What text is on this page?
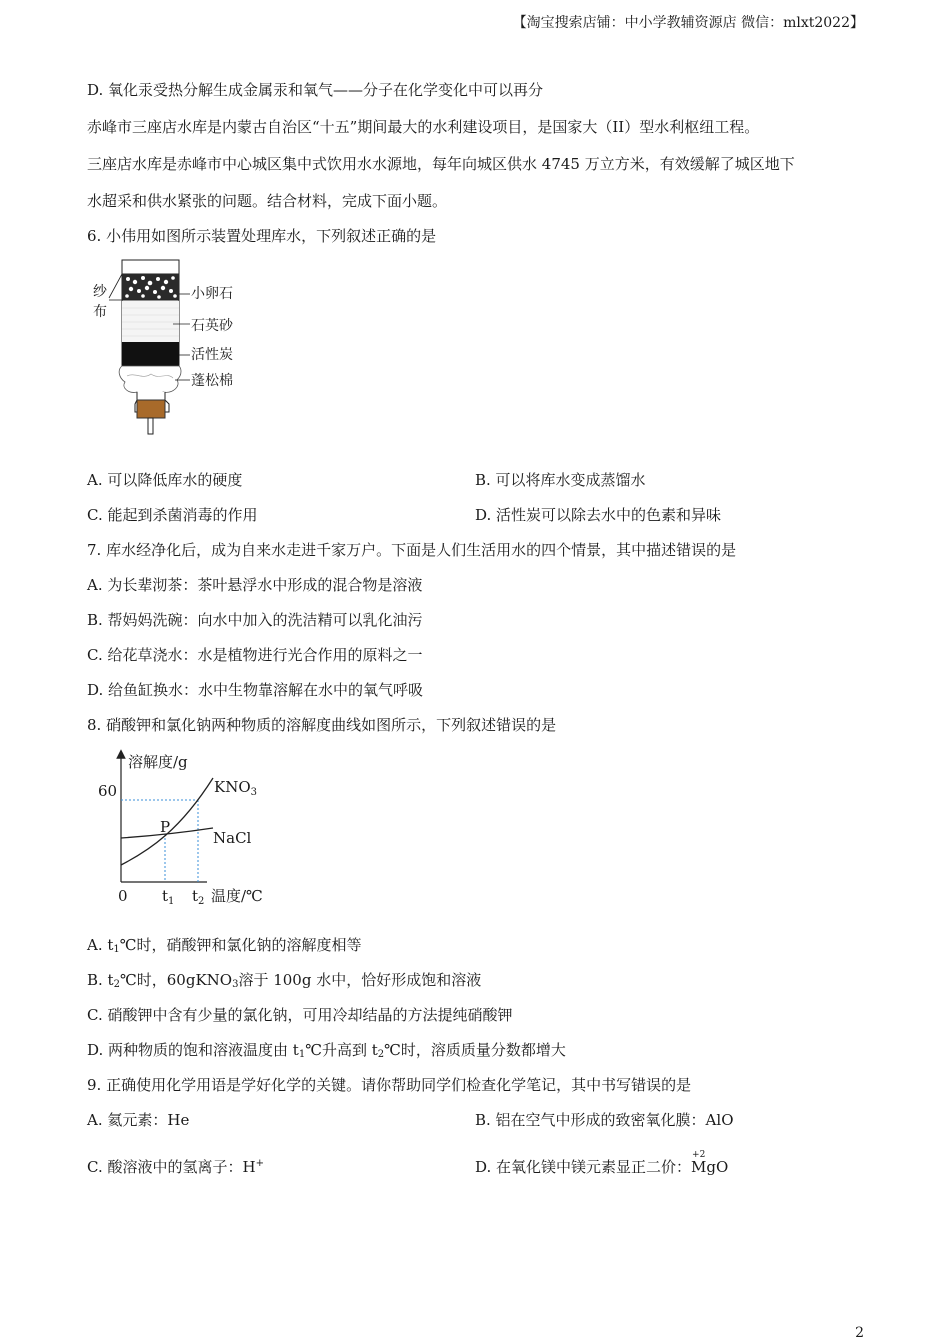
【淘宝搜索店铺：中小学教辅资源店 微信：mlxt2022】
D. 氧化汞受热分解生成金属汞和氧气——分子在化学变化中可以再分
赤峰市三座店水库是内蒙古自治区“十五”期间最大的水利建设项目，是国家大（II）型水利枢纽工程。
三座店水库是赤峰市中心城区集中式饮用水水源地，每年向城区供水 4745 万立方米，有效缓解了城区地下
水超采和供水紧张的问题。结合材料，完成下面小题。
6. 小伟用如图所示装置处理库水，下列叙述正确的是
纱
布
小卵石
石英砂
活性炭
蓬松棉
A. 可以降低库水的硬度	B. 可以将库水变成蒸馏水
C. 能起到杀菌消毒的作用	D. 活性炭可以除去水中的色素和异味
7. 库水经净化后，成为自来水走进千家万户。下面是人们生活用水的四个情景，其中描述错误的是
A. 为长辈沏茶：茶叶悬浮水中形成的混合物是溶液
B. 帮妈妈洗碗：向水中加入的洗洁精可以乳化油污
C. 给花草浇水：水是植物进行光合作用的原料之一
D. 给鱼缸换水：水中生物靠溶解在水中的氧气呼吸
8. 硝酸钾和氯化钠两种物质的溶解度曲线如图所示，下列叙述错误的是
溶解度/g
60
0
P
$KNO_3$
NaCl
$t_1$ $t_2$ 温度/℃
A. $t_1℃$时，硝酸钾和氯化钠的溶解度相等
B. $t_2℃$时，60gKNO$_3$溶于 100g 水中，恰好形成饱和溶液
C. 硝酸钾中含有少量的氯化钠，可用冷却结晶的方法提纯硝酸钾
D. 两种物质的饱和溶液温度由 $t_1℃$升高到 $t_2℃$时，溶质质量分数都增大
9. 正确使用化学用语是学好化学的关键。请你帮助同学们检查化学笔记，其中书写错误的是
A. 氦元素：He	B. 铝在空气中形成的致密氧化膜：AlO
C. 酸溶液中的氢离子：H+	D. 在氧化镁中镁元素显正二价：
+2
MgO
2
